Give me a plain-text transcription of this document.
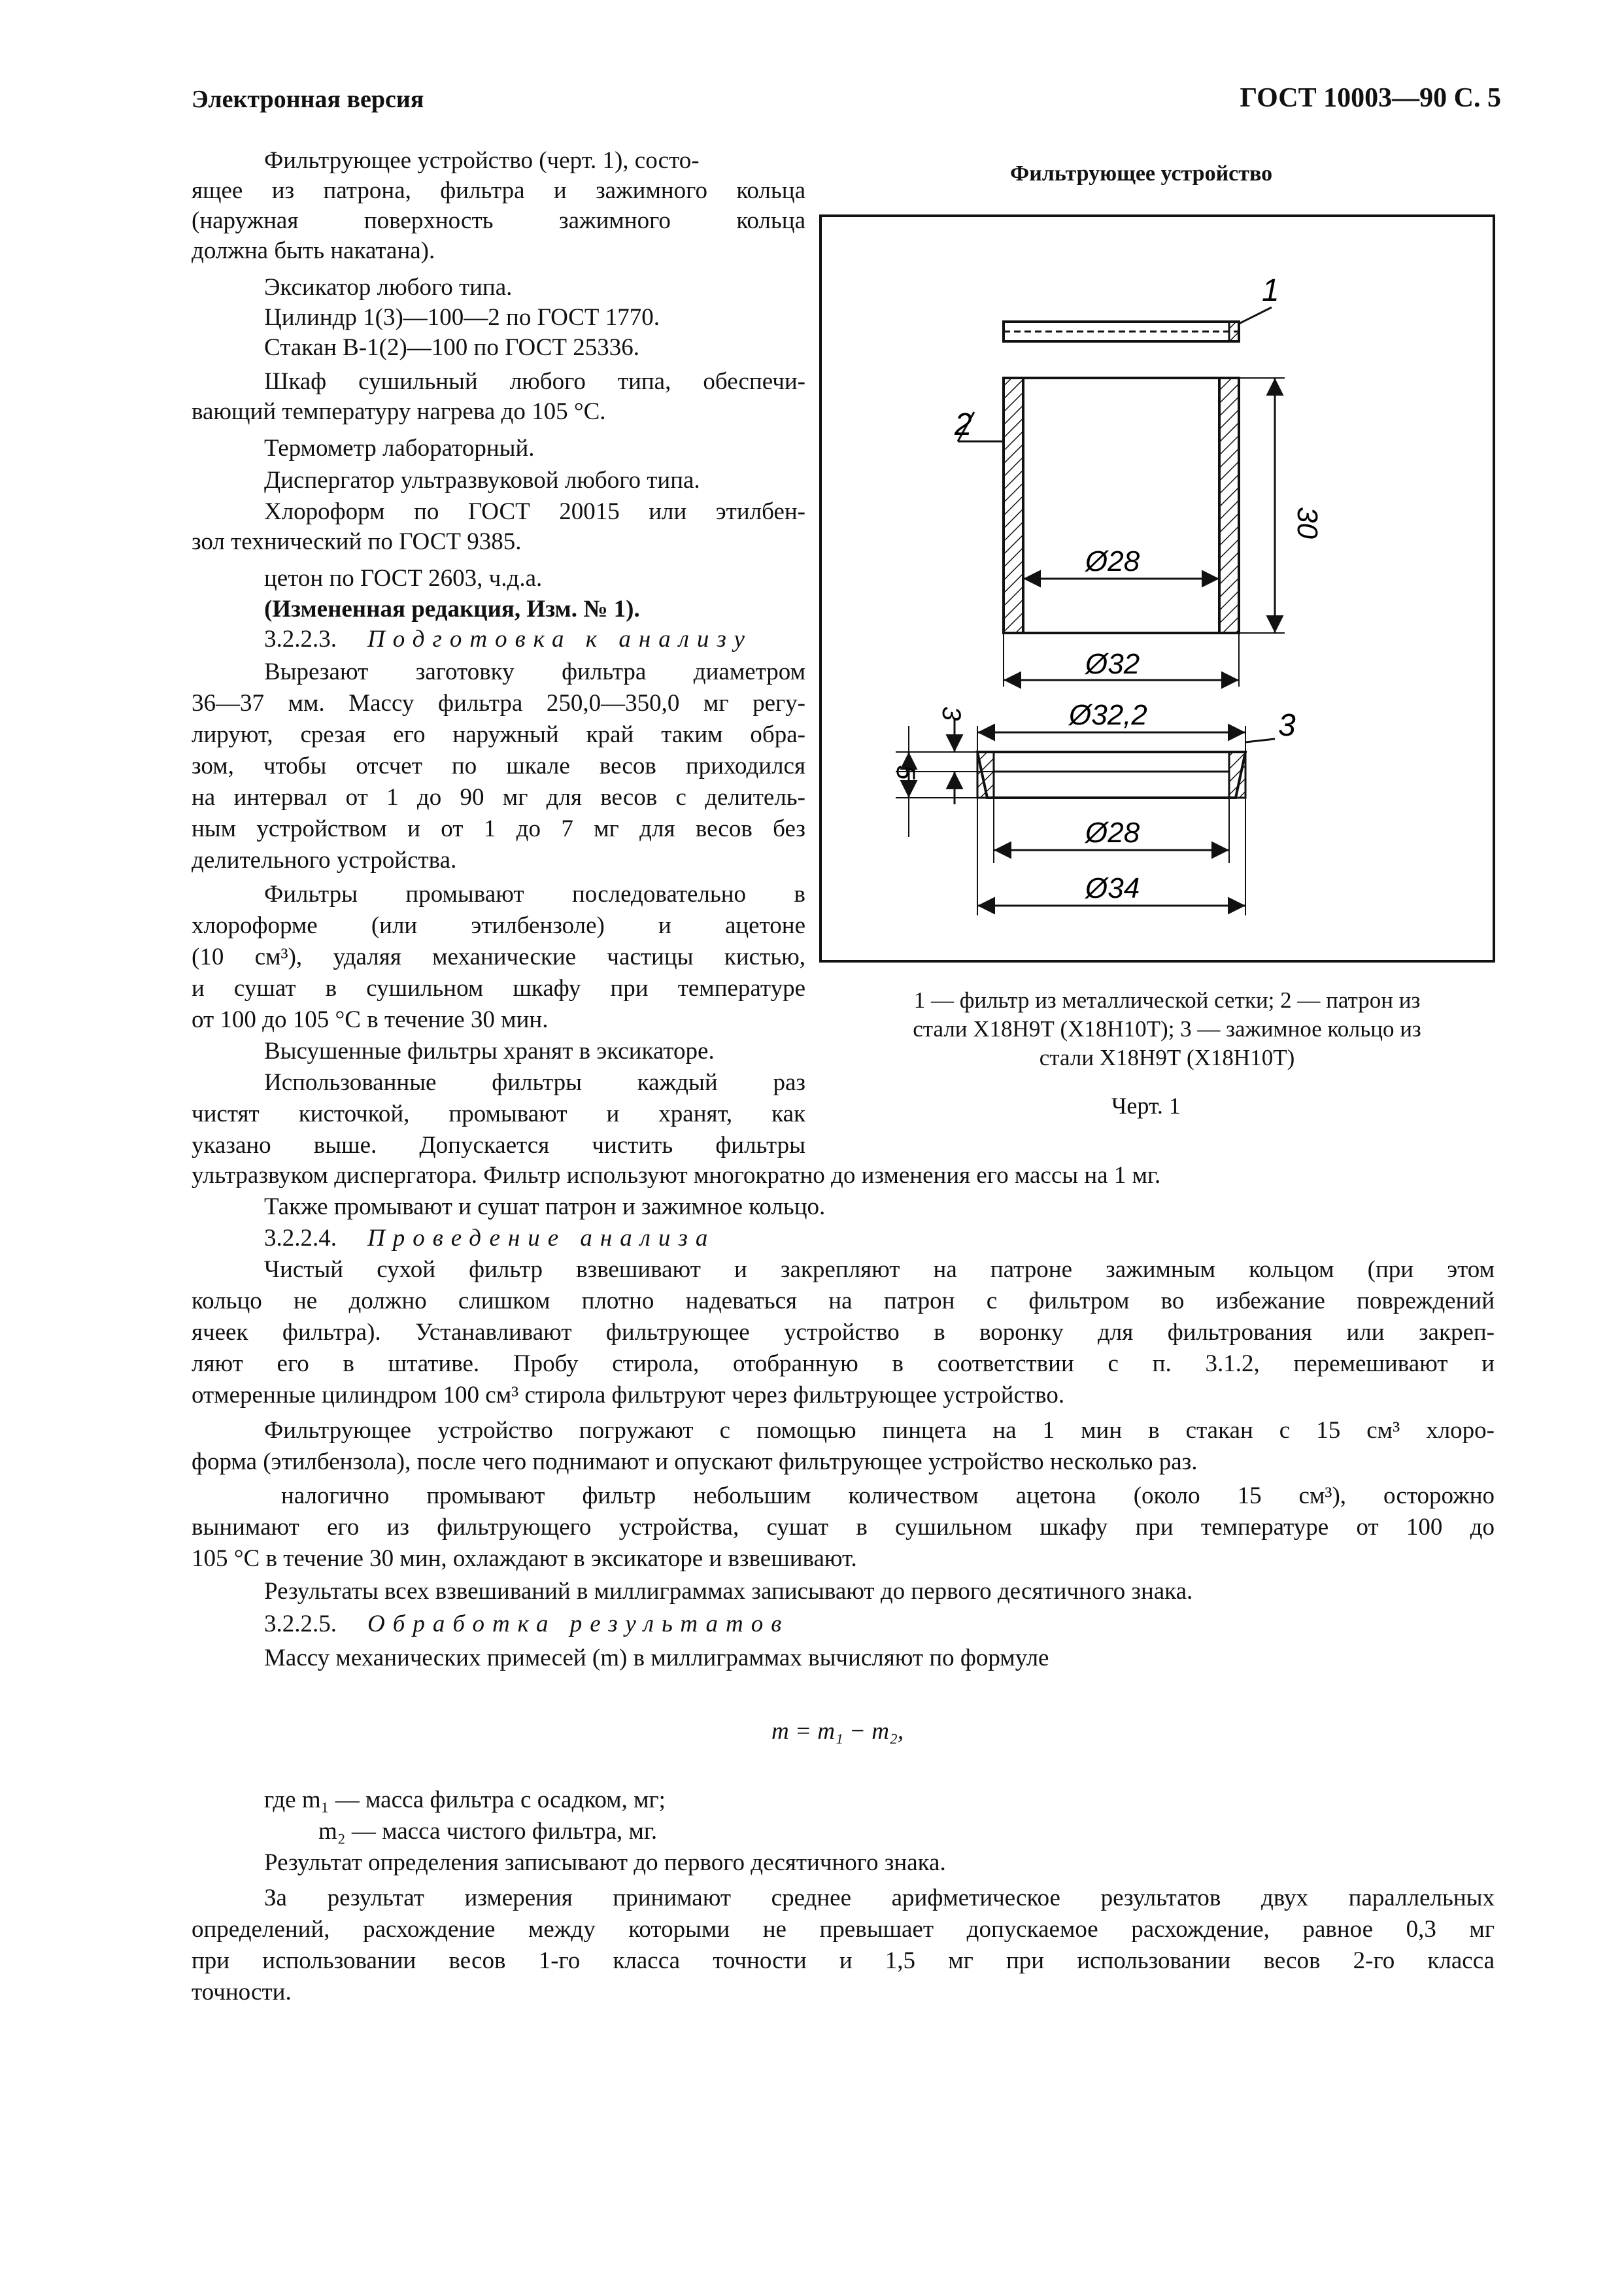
Электронная версия	ГОСТ 10003—90 С. 5
Фильтрующее устройство (черт. 1), состо-
ящее из патрона, фильтра и зажимного кольца
(наружная поверхность зажимного кольца
должна быть накатана).
Эксикатор любого типа.
Цилиндр 1(3)—100—2 по ГОСТ 1770.
Стакан В-1(2)—100 по ГОСТ 25336.
Шкаф сушильный любого типа, обеспечи-
вающий температуру нагрева до 105 °С.
Термометр лабораторный.
Диспергатор ультразвуковой любого типа.
Хлороформ по ГОСТ 20015 или этилбен-
зол технический по ГОСТ 9385.
цетон по ГОСТ 2603, ч.д.а.
(Измененная редакция, Изм. № 1).
3.2.2.3. Подготовка к анализу
Вырезают заготовку фильтра диаметром
36—37 мм. Массу фильтра 250,0—350,0 мг регу-
лируют, срезая его наружный край таким обра-
зом, чтобы отсчет по шкале весов приходился
на интервал от 1 до 90 мг для весов с делитель-
ным устройством и от 1 до 7 мг для весов без
делительного устройства.
Фильтры промывают последовательно в
хлороформе (или этилбензоле) и ацетоне
(10 см³), удаляя механические частицы кистью,
и сушат в сушильном шкафу при температуре
от 100 до 105 °С в течение 30 мин.
Высушенные фильтры хранят в эксикаторе.
Использованные фильтры каждый раз
чистят кисточкой, промывают и хранят, как
указано выше. Допускается чистить фильтры
Фильтрующее устройство
1
2
3
Ø28
30
Ø32
3	Ø32,2
5
Ø28
Ø34
1 — фильтр из металлической сетки; 2 — патрон из
стали Х18Н9Т (Х18Н10Т); 3 — зажимное кольцо из
стали Х18Н9Т (Х18Н10Т)
Черт. 1
ультразвуком диспергатора. Фильтр используют многократно до изменения его массы на 1 мг.
Также промывают и сушат патрон и зажимное кольцо.
3.2.2.4. Проведение анализа
Чистый сухой фильтр взвешивают и закрепляют на патроне зажимным кольцом (при этом
кольцо не должно слишком плотно надеваться на патрон с фильтром во избежание повреждений
ячеек фильтра). Устанавливают фильтрующее устройство в воронку для фильтрования или закреп-
ляют его в штативе. Пробу стирола, отобранную в соответствии с п. 3.1.2, перемешивают и
отмеренные цилиндром 100 см³ стирола фильтруют через фильтрующее устройство.
Фильтрующее устройство погружают с помощью пинцета на 1 мин в стакан с 15 см³ хлоро-
форма (этилбензола), после чего поднимают и опускают фильтрующее устройство несколько раз.
налогично промывают фильтр небольшим количеством ацетона (около 15 см³), осторожно
вынимают его из фильтрующего устройства, сушат в сушильном шкафу при температуре от 100 до
105 °С в течение 30 мин, охлаждают в эксикаторе и взвешивают.
Результаты всех взвешиваний в миллиграммах записывают до первого десятичного знака.
3.2.2.5. Обработка результатов
Массу механических примесей (m) в миллиграммах вычисляют по формуле
m = m₁ − m₂,
где m₁ — масса фильтра с осадком, мг;
m₂ — масса чистого фильтра, мг.
Результат определения записывают до первого десятичного знака.
За результат измерения принимают среднее арифметическое результатов двух параллельных
определений, расхождение между которыми не превышает допускаемое расхождение, равное 0,3 мг
при использовании весов 1-го класса точности и 1,5 мг при использовании весов 2-го класса
точности.
